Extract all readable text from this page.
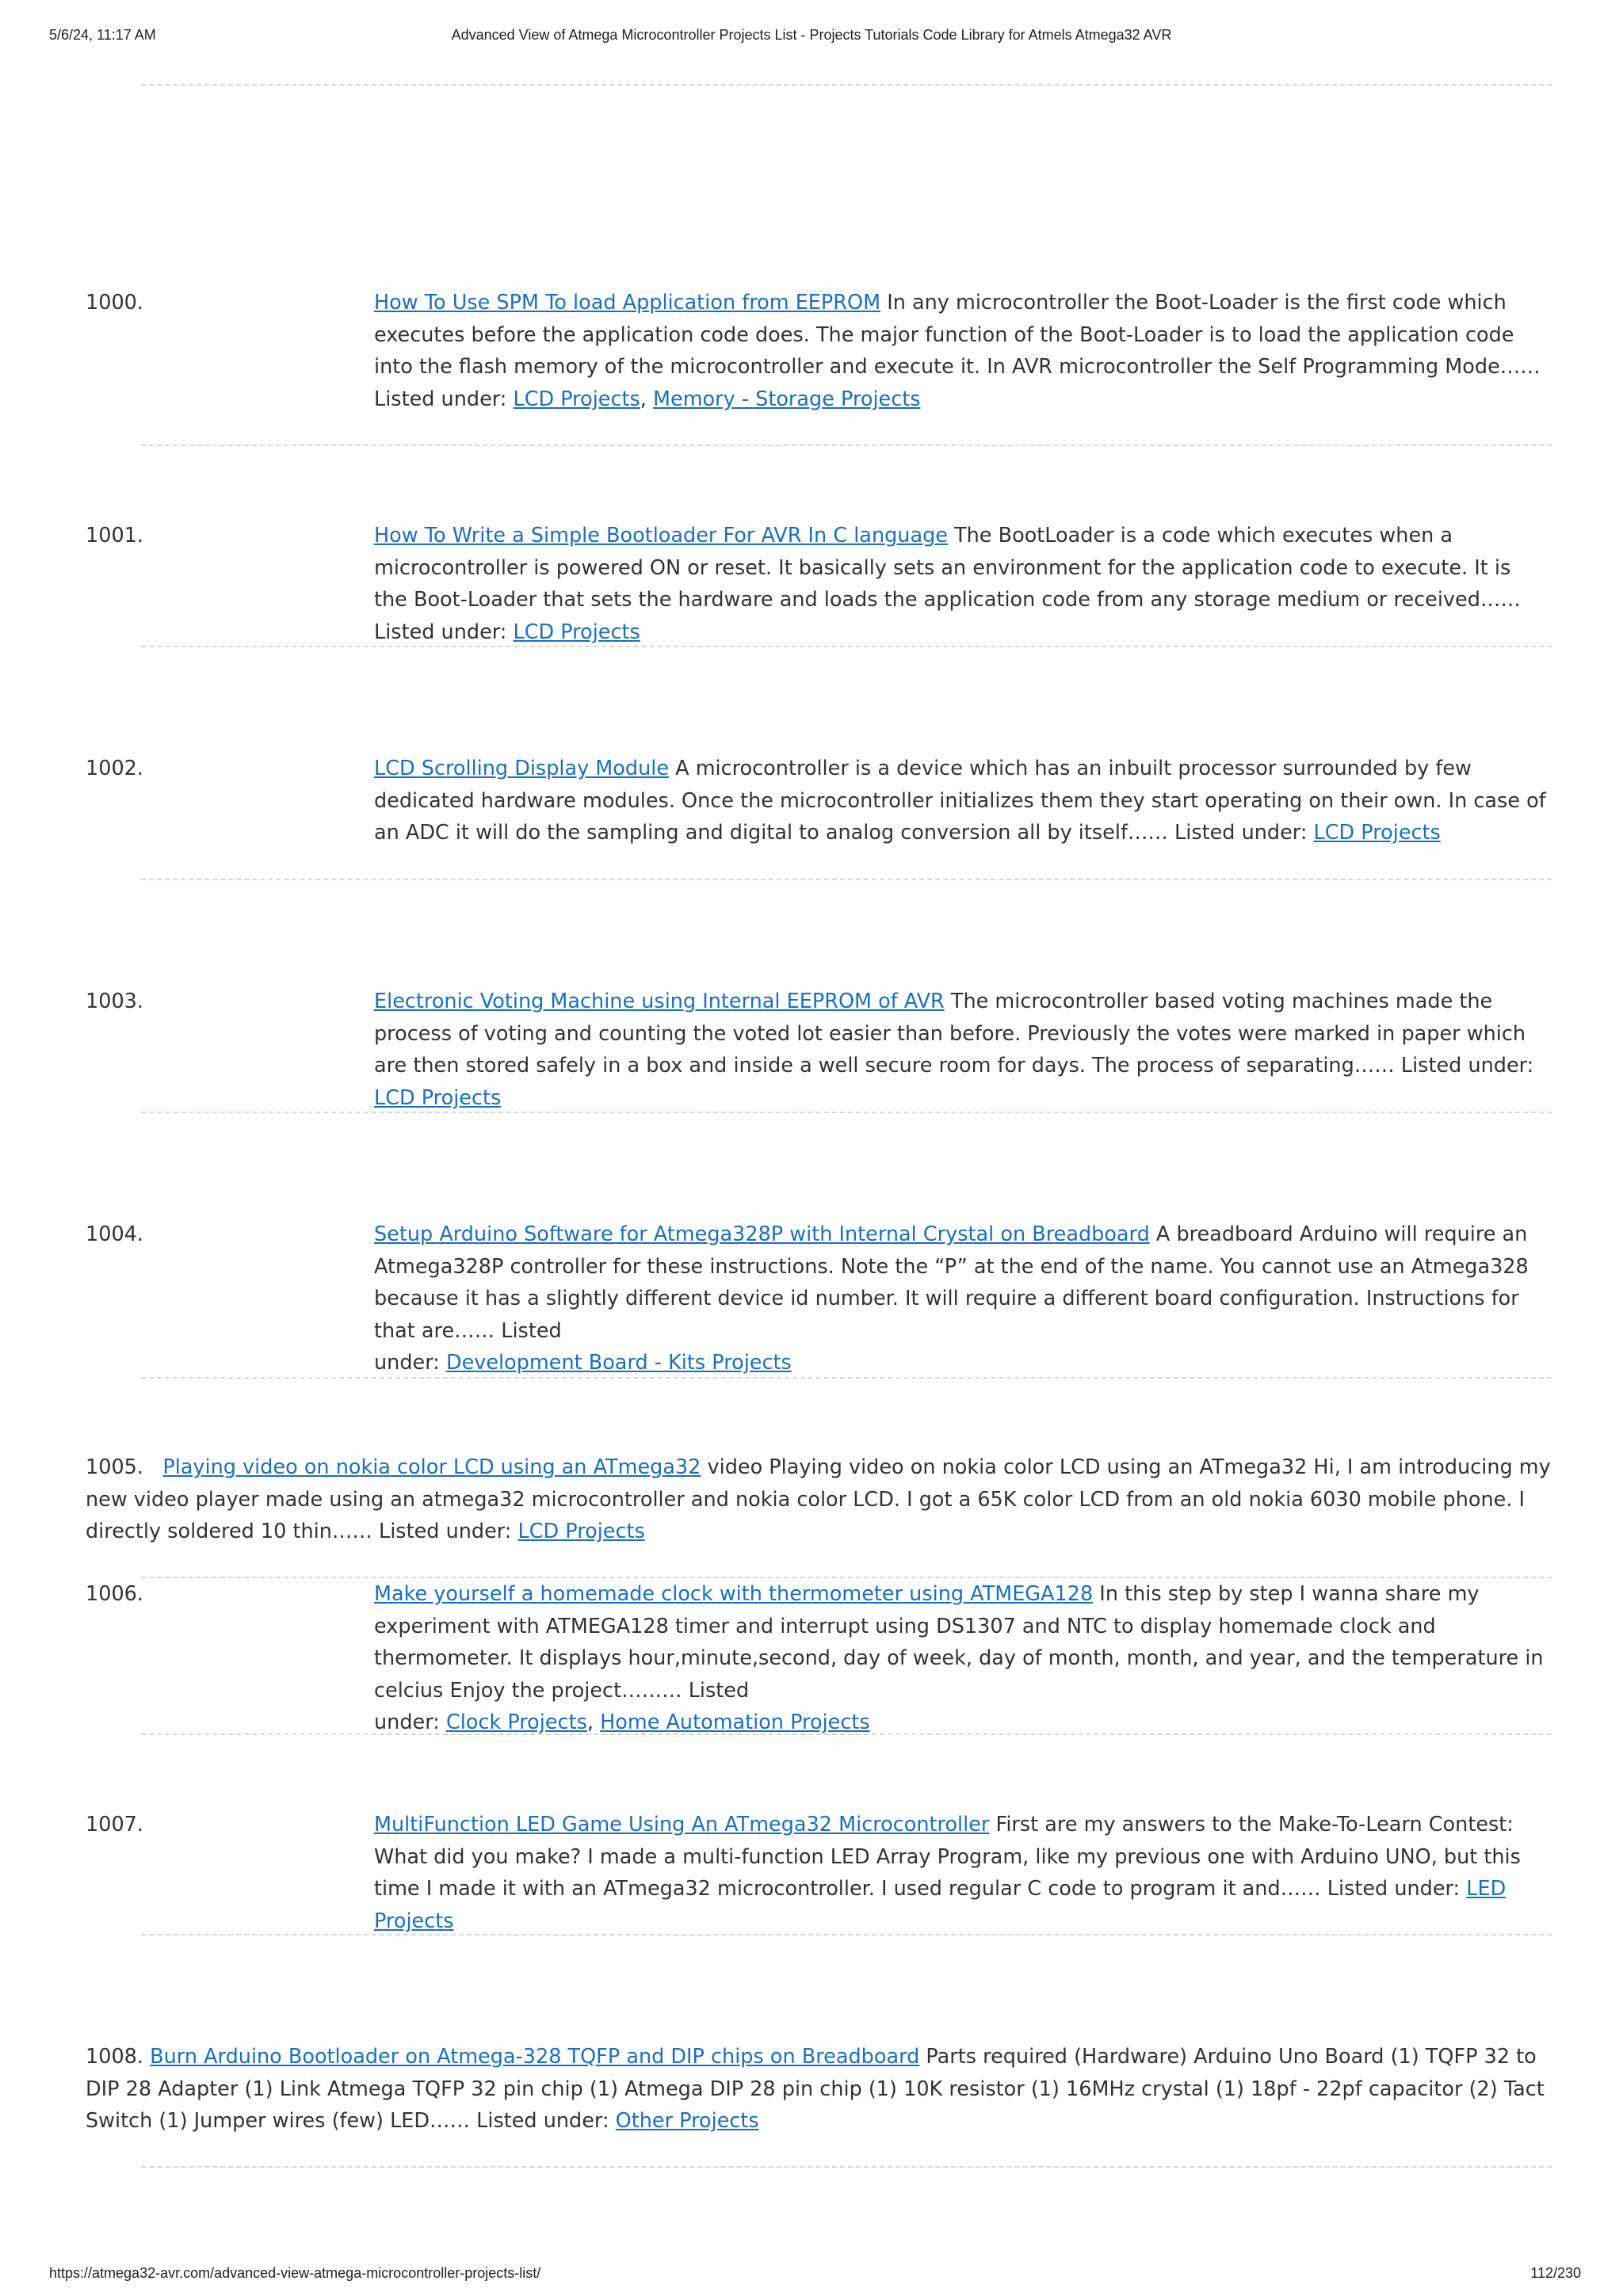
5/6/24, 11:17 AM	Advanced View of Atmega Microcontroller Projects List - Projects Tutorials Code Library for Atmels Atmega32 AVR
1000.	How To Use SPM To load Application from EEPROM In any microcontroller the Boot-Loader is the first code which executes before the application code does. The major function of the Boot-Loader is to load the application code into the flash memory of the microcontroller and execute it. In AVR microcontroller the Self Programming Mode…… Listed under: LCD Projects, Memory - Storage Projects
1001.	How To Write a Simple Bootloader For AVR In C language The BootLoader is a code which executes when a microcontroller is powered ON or reset. It basically sets an environment for the application code to execute. It is the Boot-Loader that sets the hardware and loads the application code from any storage medium or received…… Listed under: LCD Projects
1002.	LCD Scrolling Display Module A microcontroller is a device which has an inbuilt processor surrounded by few dedicated hardware modules. Once the microcontroller initializes them they start operating on their own. In case of an ADC it will do the sampling and digital to analog conversion all by itself…… Listed under: LCD Projects
1003.	Electronic Voting Machine using Internal EEPROM of AVR The microcontroller based voting machines made the process of voting and counting the voted lot easier than before. Previously the votes were marked in paper which are then stored safely in a box and inside a well secure room for days. The process of separating…… Listed under: LCD Projects
1004.	Setup Arduino Software for Atmega328P with Internal Crystal on Breadboard A breadboard Arduino will require an Atmega328P controller for these instructions. Note the “P” at the end of the name. You cannot use an Atmega328 because it has a slightly different device id number. It will require a different board configuration. Instructions for that are…… Listed
under: Development Board - Kits Projects
1005. Playing video on nokia color LCD using an ATmega32 video Playing video on nokia color LCD using an ATmega32 Hi, I am introducing my new video player made using an atmega32 microcontroller and nokia color LCD. I got a 65K color LCD from an old nokia 6030 mobile phone. I directly soldered 10 thin…… Listed under: LCD Projects
1006.	Make yourself a homemade clock with thermometer using ATMEGA128 In this step by step I wanna share my experiment with ATMEGA128 timer and interrupt using DS1307 and NTC to display homemade clock and thermometer. It displays hour,minute,second, day of week, day of month, month, and year, and the temperature in celcius Enjoy the project……… Listed
under: Clock Projects, Home Automation Projects
1007.	MultiFunction LED Game Using An ATmega32 Microcontroller First are my answers to the Make-To-Learn Contest: What did you make? I made a multi-function LED Array Program, like my previous one with Arduino UNO, but this time I made it with an ATmega32 microcontroller. I used regular C code to program it and…… Listed under: LED Projects
1008. Burn Arduino Bootloader on Atmega-328 TQFP and DIP chips on Breadboard Parts required (Hardware) Arduino Uno Board (1) TQFP 32 to DIP 28 Adapter (1) Link Atmega TQFP 32 pin chip (1) Atmega DIP 28 pin chip (1) 10K resistor (1) 16MHz crystal (1) 18pf - 22pf capacitor (2) Tact Switch (1) Jumper wires (few) LED…… Listed under: Other Projects
https://atmega32-avr.com/advanced-view-atmega-microcontroller-projects-list/	112/230
